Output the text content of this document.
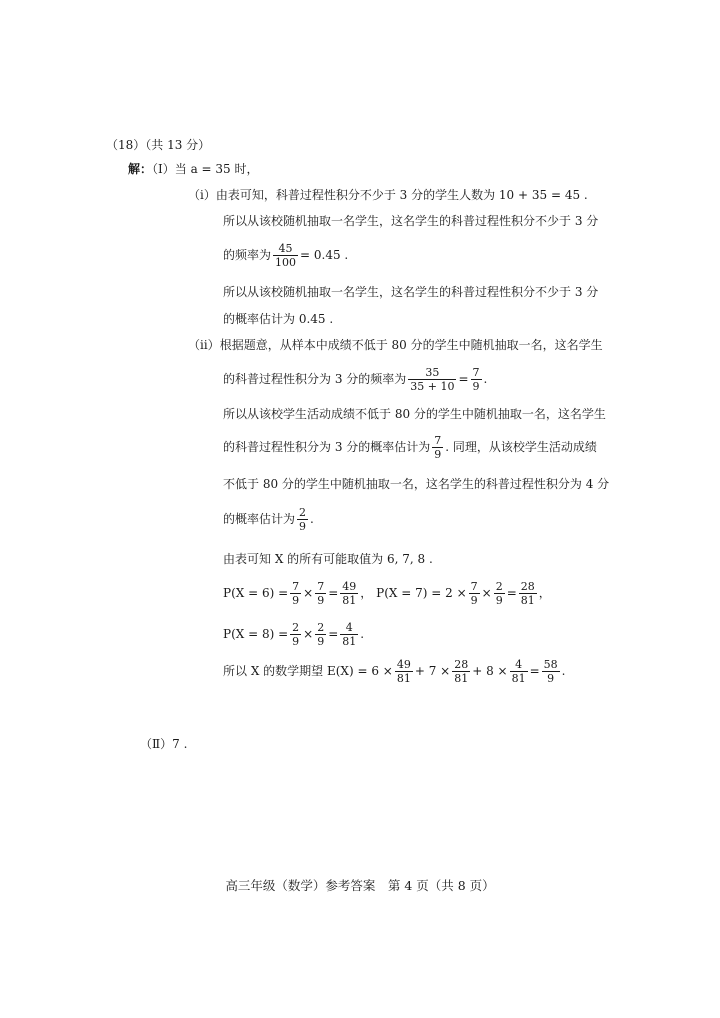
（18）（共 13 分）
解：（Ⅰ）当 a = 35 时，
（ⅰ）由表可知，科普过程性积分不少于 3 分的学生人数为 10 + 35 = 45 .
所以从该校随机抽取一名学生，这名学生的科普过程性积分不少于 3 分
的频率为 $\frac{45}{100} = 0.45$ .
所以从该校随机抽取一名学生，这名学生的科普过程性积分不少于 3 分
的概率估计为 0.45 .
（ⅱ）根据题意，从样本中成绩不低于 80 分的学生中随机抽取一名，这名学生
的科普过程性积分为 3 分的频率为 $\frac{35}{35 + 10} = \frac{7}{9}$ .
所以从该校学生活动成绩不低于 80 分的学生中随机抽取一名，这名学生
的科普过程性积分为 3 分的概率估计为 $\frac{7}{9}$ . 同理，从该校学生活动成绩
不低于 80 分的学生中随机抽取一名，这名学生的科普过程性积分为 4 分
的概率估计为 $\frac{2}{9}$ .
由表可知 X 的所有可能取值为 6, 7, 8 .
$P(X = 6) = \frac{7}{9} \times \frac{7}{9} = \frac{49}{81}$ ， $P(X = 7) = 2 \times \frac{7}{9} \times \frac{2}{9} = \frac{28}{81}$ ，
$P(X = 8) = \frac{2}{9} \times \frac{2}{9} = \frac{4}{81}$ .
所以 X 的数学期望 $E(X) = 6 \times \frac{49}{81} + 7 \times \frac{28}{81} + 8 \times \frac{4}{81} = \frac{58}{9}$ .
（Ⅱ）7 .
高三年级（数学）参考答案　第 4 页（共 8 页）
